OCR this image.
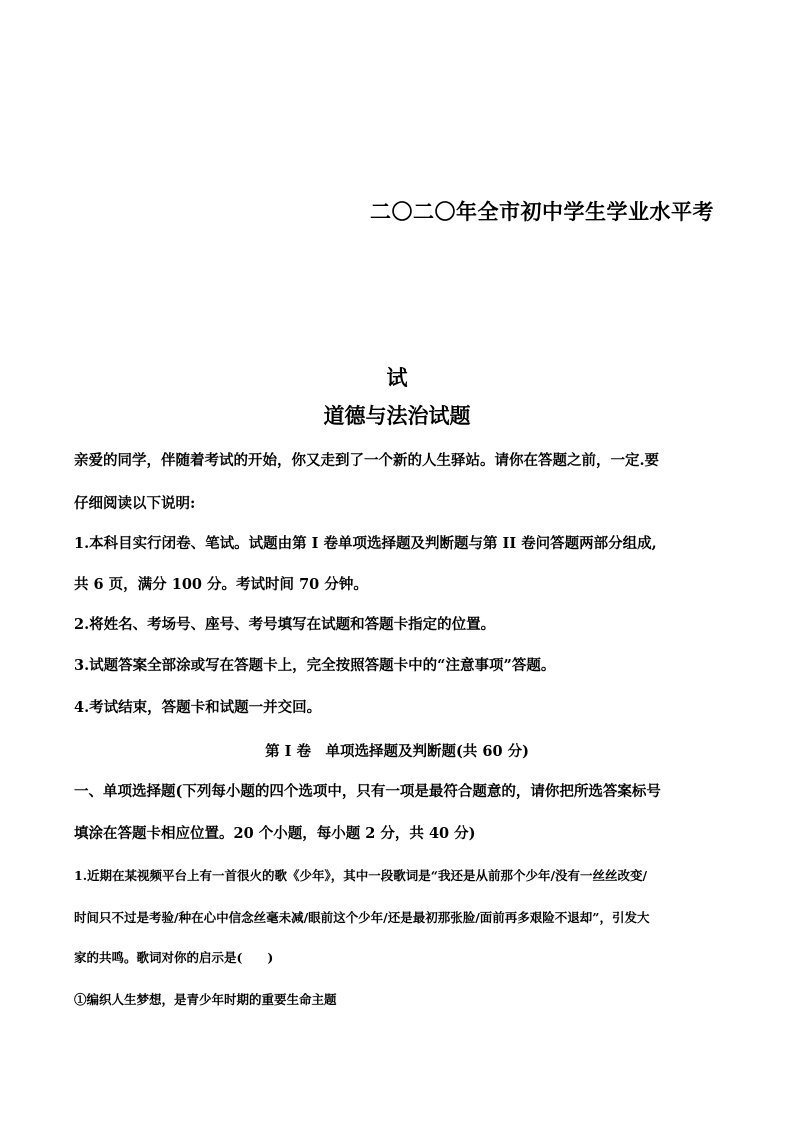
二〇二〇年全市初中学生学业水平考
试
道德与法治试题
亲爱的同学，伴随着考试的开始，你又走到了一个新的人生驿站。请你在答题之前，一定.要
仔细阅读以下说明:
1.本科目实行闭卷、笔试。试题由第 I 卷单项选择题及判断题与第 II 卷问答题两部分组成,
共 6 页，满分 100 分。考试时间 70 分钟。
2.将姓名、考场号、座号、考号填写在试题和答题卡指定的位置。
3.试题答案全部涂或写在答题卡上，完全按照答题卡中的“注意事项”答题。
4.考试结束，答题卡和试题一并交回。
第 I 卷　单项选择题及判断题(共 60 分)
一、单项选择题(下列每小题的四个选项中，只有一项是最符合题意的，请你把所选答案标号
填涂在答题卡相应位置。20 个小题，每小题 2 分，共 40 分)
1.近期在某视频平台上有一首很火的歌《少年》，其中一段歌词是“我还是从前那个少年/没有一丝丝改变/
时间只不过是考验/种在心中信念丝毫未减/眼前这个少年/还是最初那张脸/面前再多艰险不退却”，引发大
家的共鸣。歌词对你的启示是(　　)
①编织人生梦想，是青少年时期的重要生命主题
